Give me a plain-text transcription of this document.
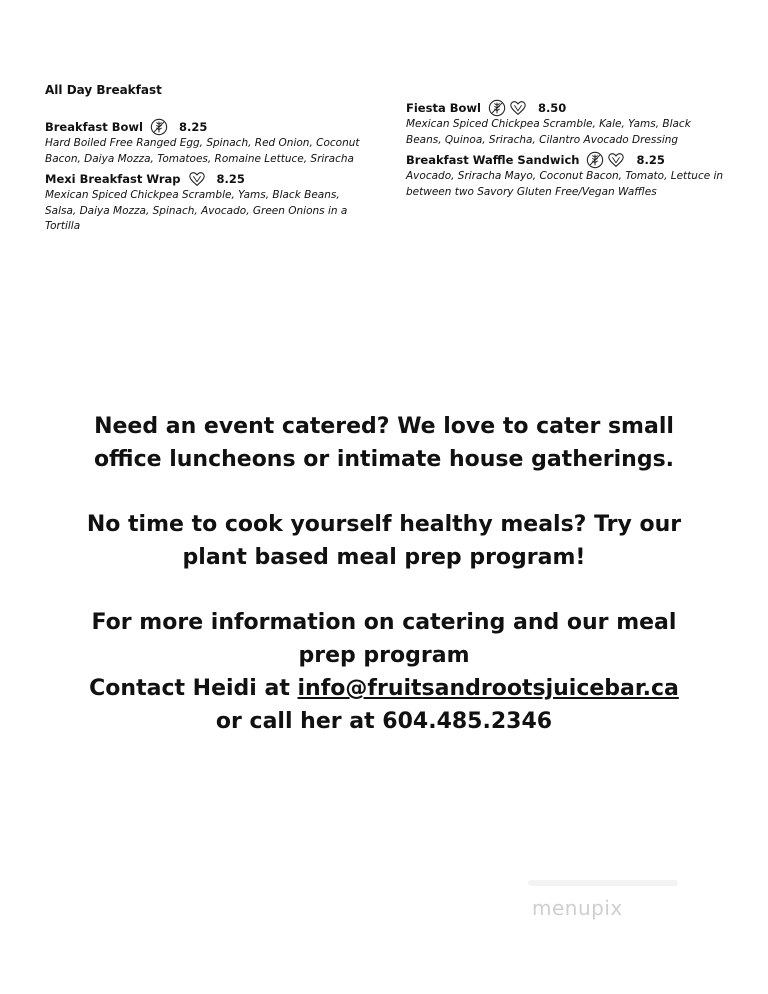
All Day Breakfast
Breakfast Bowl	8.25
Hard Boiled Free Ranged Egg, Spinach, Red Onion, Coconut Bacon, Daiya Mozza, Tomatoes, Romaine Lettuce, Sriracha
Mexi Breakfast Wrap	8.25
Mexican Spiced Chickpea Scramble, Yams, Black Beans, Salsa, Daiya Mozza, Spinach, Avocado, Green Onions in a Tortilla
Fiesta Bowl	8.50
Mexican Spiced Chickpea Scramble, Kale, Yams, Black Beans, Quinoa, Sriracha, Cilantro Avocado Dressing
Breakfast Waffle Sandwich	8.25
Avocado, Sriracha Mayo, Coconut Bacon, Tomato, Lettuce in between two Savory Gluten Free/Vegan Waffles

Need an event catered? We love to cater small

office luncheons or intimate house gatherings.

No time to cook yourself healthy meals? Try our

plant based meal prep program!

For more information on catering and our meal

prep program

Contact Heidi at info@fruitsandrootsjuicebar.ca

or call her at 604.485.2346

menupix
